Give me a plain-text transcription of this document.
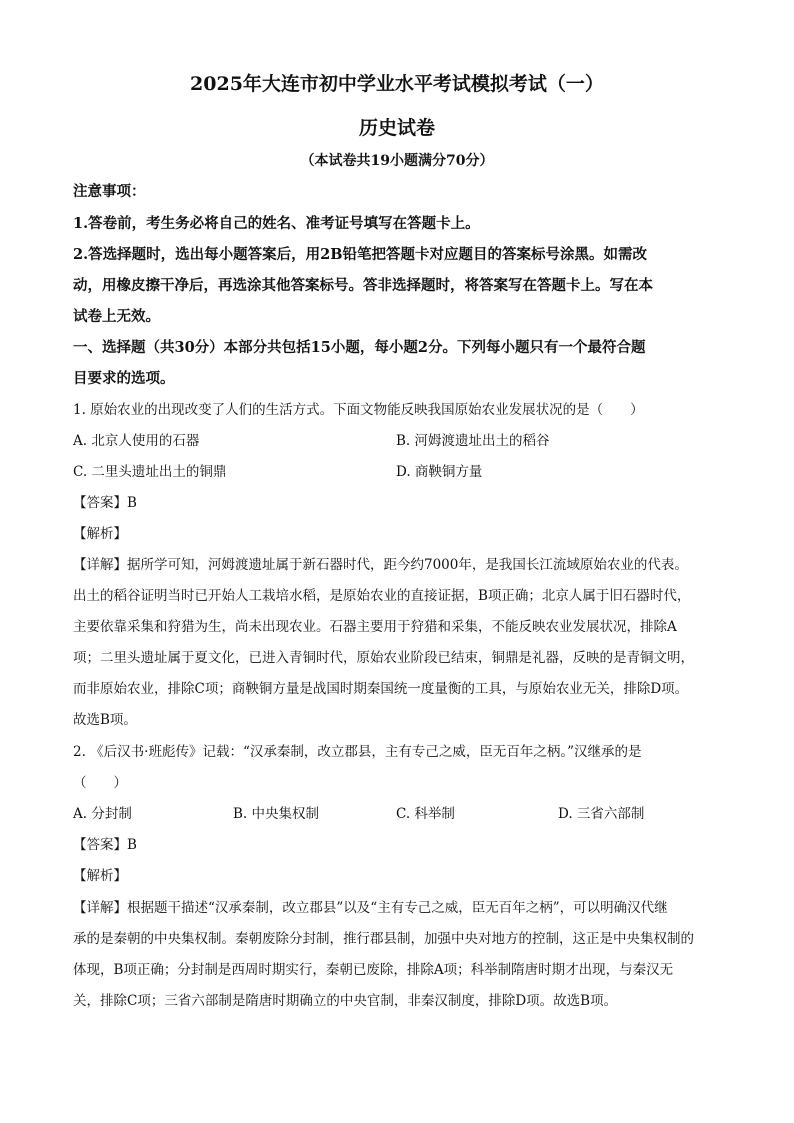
2025年大连市初中学业水平考试模拟考试（一）
历史试卷
（本试卷共19小题满分70分）
注意事项：
1.答卷前，考生务必将自己的姓名、准考证号填写在答题卡上。
2.答选择题时，选出每小题答案后，用2B铅笔把答题卡对应题目的答案标号涂黑。如需改
动，用橡皮擦干净后，再选涂其他答案标号。答非选择题时，将答案写在答题卡上。写在本
试卷上无效。
一、选择题（共30分）本部分共包括15小题，每小题2分。下列每小题只有一个最符合题
目要求的选项。
1. 原始农业的出现改变了人们的生活方式。下面文物能反映我国原始农业发展状况的是（　　）
A. 北京人使用的石器	B. 河姆渡遗址出土的稻谷
C. 二里头遗址出土的铜鼎	D. 商鞅铜方量
【答案】B
【解析】
【详解】据所学可知，河姆渡遗址属于新石器时代，距今约7000年，是我国长江流域原始农业的代表。
出土的稻谷证明当时已开始人工栽培水稻，是原始农业的直接证据，B项正确；北京人属于旧石器时代，
主要依靠采集和狩猎为生，尚未出现农业。石器主要用于狩猎和采集，不能反映农业发展状况，排除A
项；二里头遗址属于夏文化，已进入青铜时代，原始农业阶段已结束，铜鼎是礼器，反映的是青铜文明，
而非原始农业，排除C项；商鞅铜方量是战国时期秦国统一度量衡的工具，与原始农业无关，排除D项。
故选B项。
2. 《后汉书·班彪传》记载：“汉承秦制，改立郡县，主有专己之威，臣无百年之柄。”汉继承的是
（　　）
A. 分封制	B. 中央集权制	C. 科举制	D. 三省六部制
【答案】B
【解析】
【详解】根据题干描述“汉承秦制，改立郡县”以及“主有专己之威，臣无百年之柄”，可以明确汉代继
承的是秦朝的中央集权制。秦朝废除分封制，推行郡县制，加强中央对地方的控制，这正是中央集权制的
体现，B项正确；分封制是西周时期实行，秦朝已废除，排除A项；科举制隋唐时期才出现，与秦汉无
关，排除C项；三省六部制是隋唐时期确立的中央官制，非秦汉制度，排除D项。故选B项。
